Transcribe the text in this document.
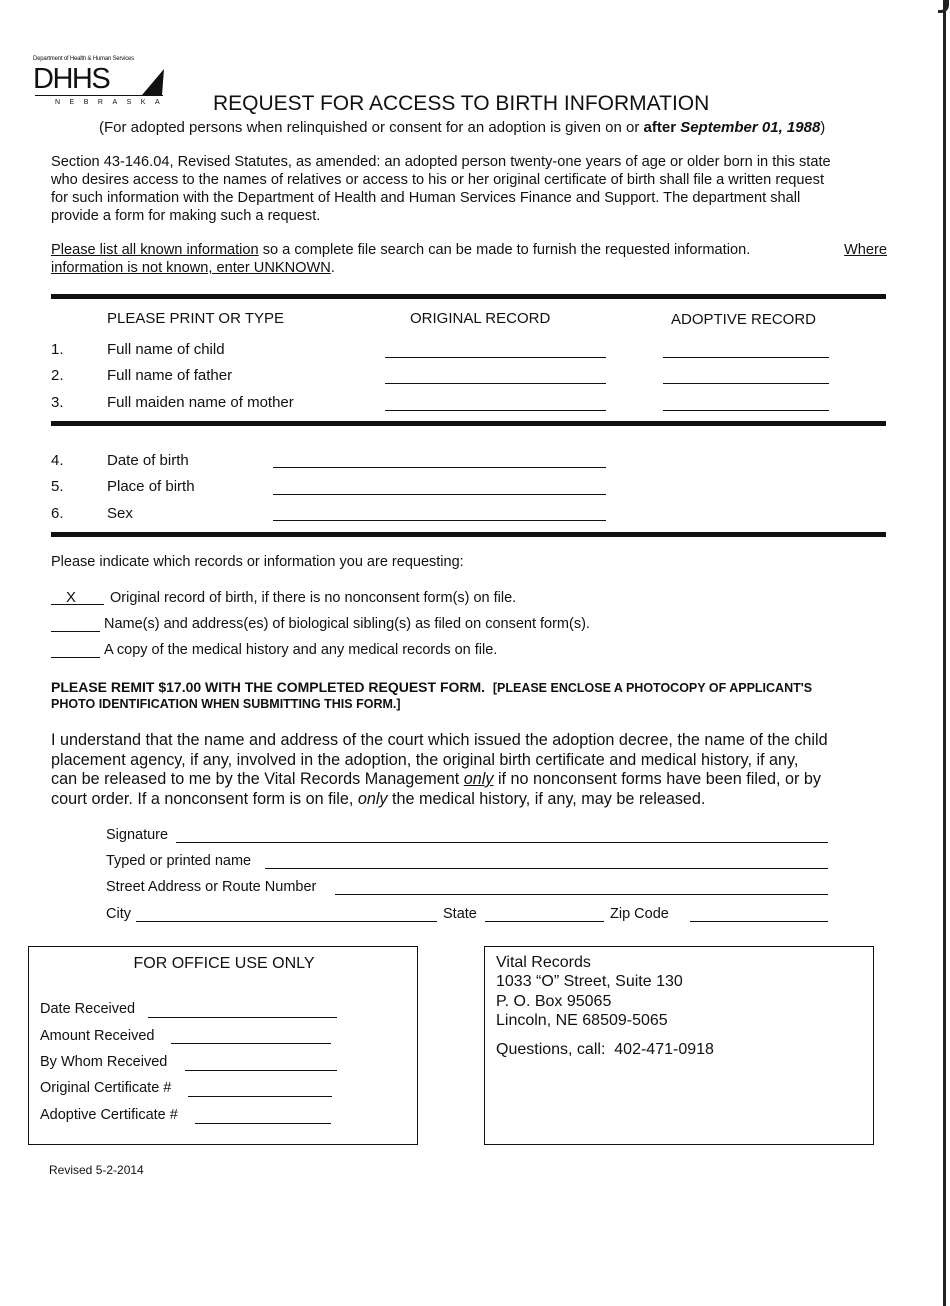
Department of Health & Human Services
DHHS
NEBRASKA REQUEST FOR ACCESS TO BIRTH INFORMATION
(For adopted persons when relinquished or consent for an adoption is given on or after September 01, 1988)
Section 43-146.04, Revised Statutes, as amended: an adopted person twenty-one years of age or older born in this state
who desires access to the names of relatives or access to his or her original certificate of birth shall file a written request
for such information with the Department of Health and Human Services Finance and Support. The department shall
provide a form for making such a request.
Please list all known information so a complete file search can be made to furnish the requested information.	Where
information is not known, enter UNKNOWN.
PLEASE PRINT OR TYPE	ORIGINAL RECORD	ADOPTIVE RECORD
1.	Full name of child
2.	Full name of father
3.	Full maiden name of mother
4.	Date of birth
5.	Place of birth
6.	Sex
Please indicate which records or information you are requesting:
X Original record of birth, if there is no nonconsent form(s) on file.
Name(s) and address(es) of biological sibling(s) as filed on consent form(s).
A copy of the medical history and any medical records on file.
PLEASE REMIT $17.00 WITH THE COMPLETED REQUEST FORM. [PLEASE ENCLOSE A PHOTOCOPY OF APPLICANT'S
PHOTO IDENTIFICATION WHEN SUBMITTING THIS FORM.]
I understand that the name and address of the court which issued the adoption decree, the name of the child
placement agency, if any, involved in the adoption, the original birth certificate and medical history, if any,
can be released to me by the Vital Records Management only if no nonconsent forms have been filed, or by
court order. If a nonconsent form is on file, only the medical history, if any, may be released.
Signature
Typed or printed name
Street Address or Route Number
City	State	Zip Code
FOR OFFICE USE ONLY
Date Received
Amount Received
By Whom Received
Original Certificate #
Adoptive Certificate #
Vital Records
1033 “O” Street, Suite 130
P. O. Box 95065
Lincoln, NE 68509-5065
Questions, call:  402-471-0918
Revised 5-2-2014
